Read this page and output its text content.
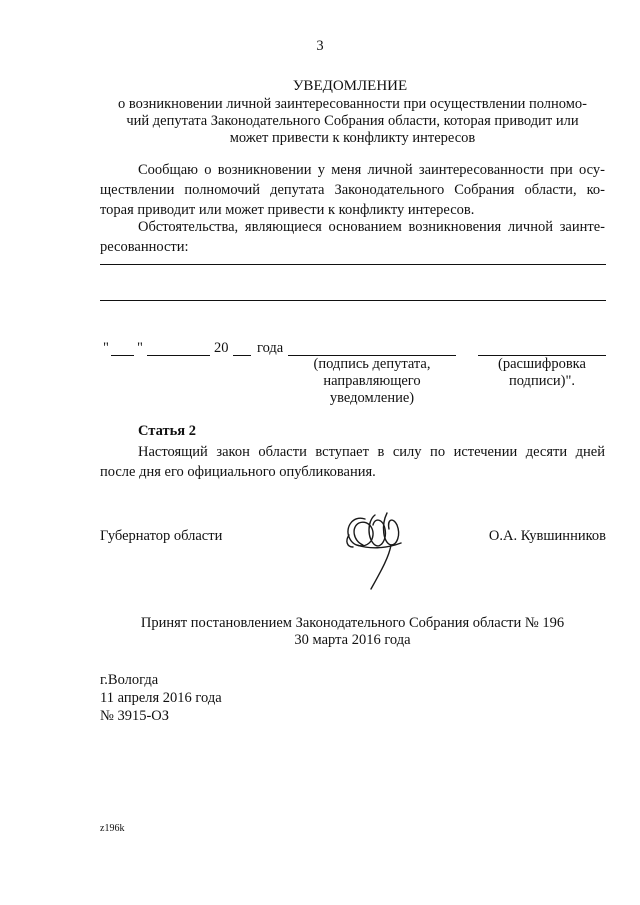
3
УВЕДОМЛЕНИЕ
о возникновении личной заинтересованности при осуществлении полномо-
чий депутата Законодательного Собрания области, которая приводит или
может привести к конфликту интересов
Сообщаю о возникновении у меня личной заинтересованности при осу-
ществлении полномочий депутата Законодательного Собрания области, ко-
торая приводит или может привести к конфликту интересов.
Обстоятельства, являющиеся основанием возникновения личной заинте-
ресованности:
" "	20 года
(подпись депутата,
направляющего
уведомление)
(расшифровка
подписи)".
Статья 2
Настоящий закон области вступает в силу по истечении десяти дней
после дня его официального опубликования.
Губернатор области	О.А. Кувшинников
Принят постановлением Законодательного Собрания области № 196
30 марта 2016 года
г.Вологда
11 апреля 2016 года
№ 3915-ОЗ
z196k
